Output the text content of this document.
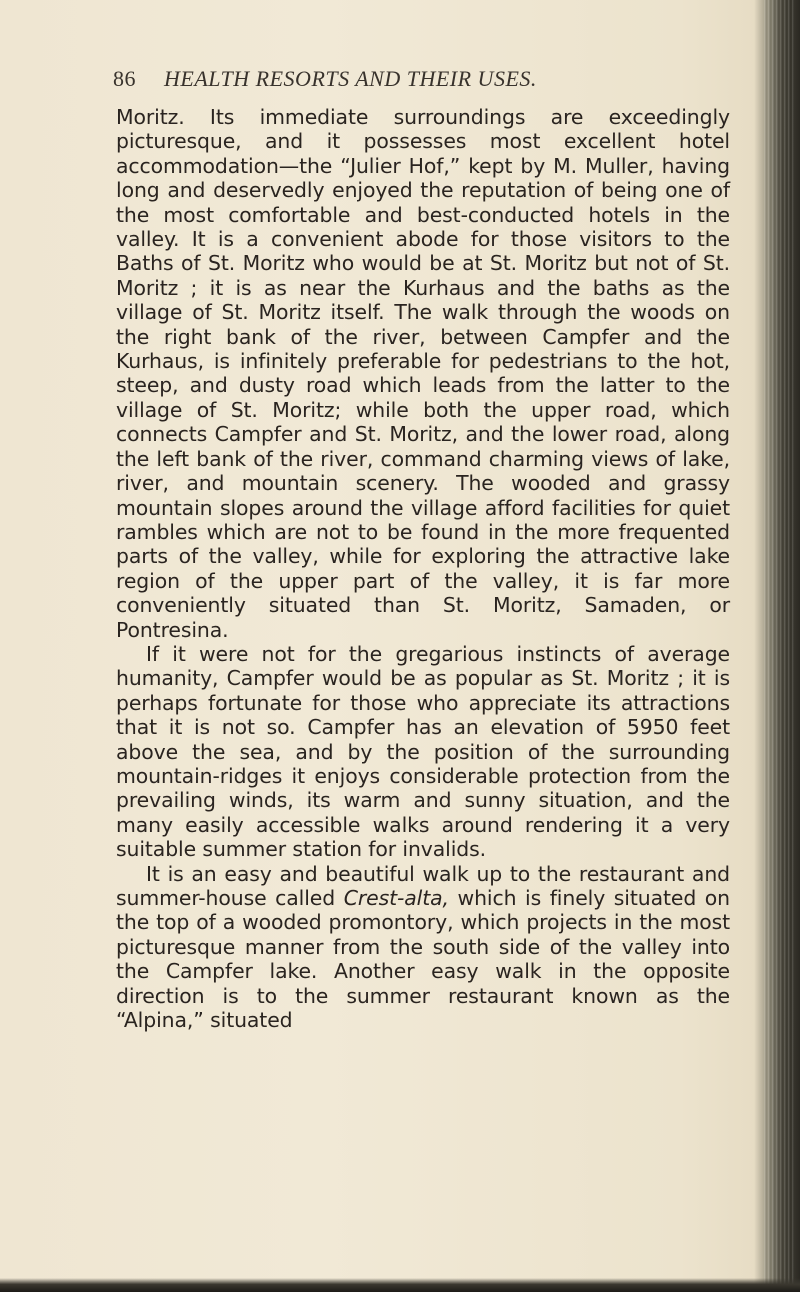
86 HEALTH RESORTS AND THEIR USES.

Moritz. Its immediate surroundings are exceedingly picturesque, and it possesses most excellent hotel accommodation—the “Julier Hof,” kept by M. Muller, having long and deservedly enjoyed the reputation of being one of the most comfortable and best-conducted hotels in the valley. It is a convenient abode for those visitors to the Baths of St. Moritz who would be at St. Moritz but not of St. Moritz ; it is as near the Kurhaus and the baths as the village of St. Moritz itself. The walk through the woods on the right bank of the river, between Campfer and the Kurhaus, is infinitely preferable for pedestrians to the hot, steep, and dusty road which leads from the latter to the village of St. Moritz; while both the upper road, which connects Campfer and St. Moritz, and the lower road, along the left bank of the river, command charming views of lake, river, and mountain scenery. The wooded and grassy mountain slopes around the village afford facilities for quiet rambles which are not to be found in the more frequented parts of the valley, while for exploring the attractive lake region of the upper part of the valley, it is far more conveniently situated than St. Moritz, Samaden, or Pontresina.

If it were not for the gregarious instincts of average humanity, Campfer would be as popular as St. Moritz ; it is perhaps fortunate for those who appreciate its attractions that it is not so. Campfer has an elevation of 5950 feet above the sea, and by the position of the surrounding mountain-ridges it enjoys considerable protection from the prevailing winds, its warm and sunny situation, and the many easily accessible walks around rendering it a very suitable summer station for invalids.

It is an easy and beautiful walk up to the restaurant and summer-house called Crest-alta, which is finely situated on the top of a wooded promontory, which projects in the most picturesque manner from the south side of the valley into the Campfer lake. Another easy walk in the opposite direction is to the summer restaurant known as the “Alpina,” situated
